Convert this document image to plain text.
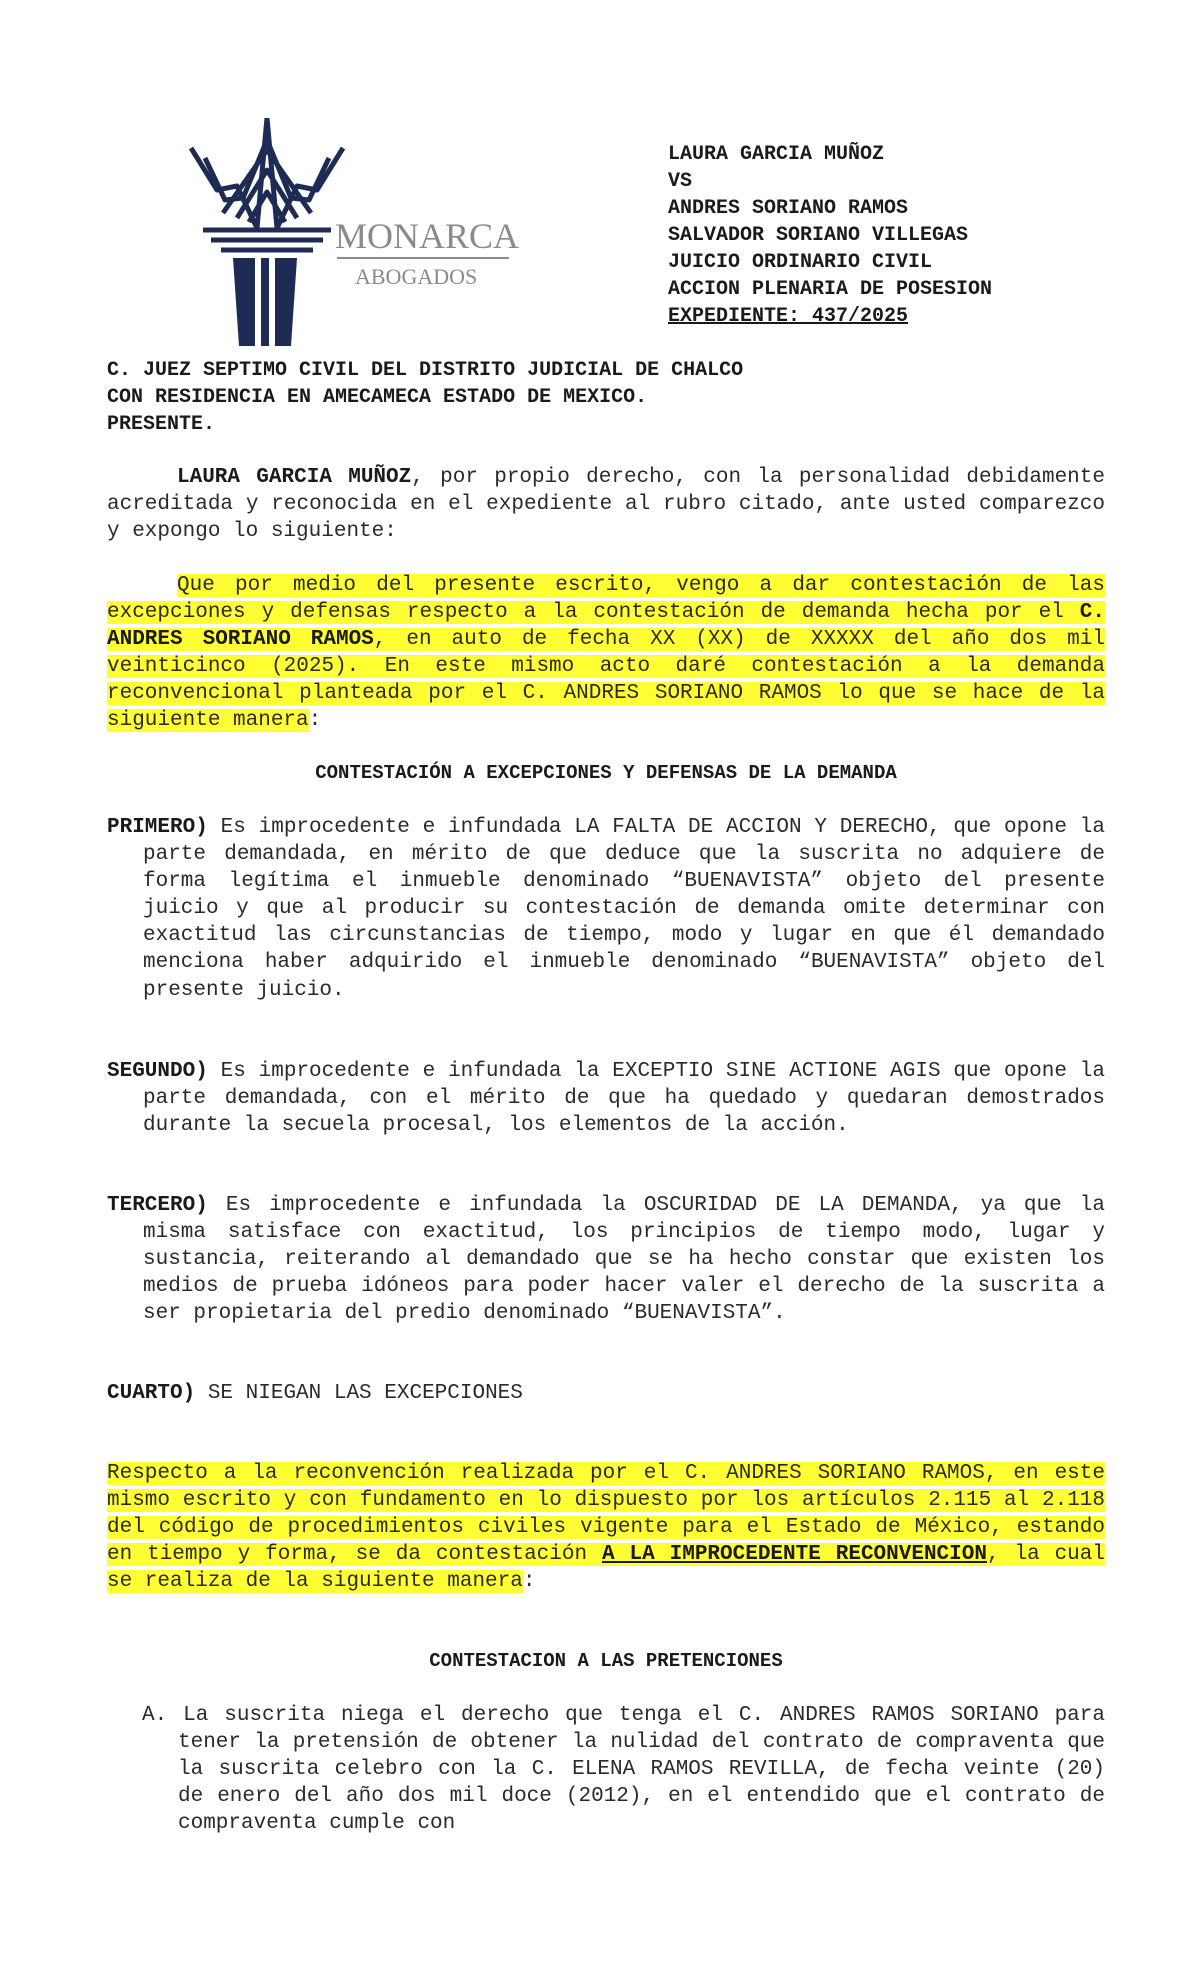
MONARCA
ABOGADOS
LAURA GARCIA MUÑOZ
VS
ANDRES SORIANO RAMOS
SALVADOR SORIANO VILLEGAS
JUICIO ORDINARIO CIVIL
ACCION PLENARIA DE POSESION
EXPEDIENTE: 437/2025
C. JUEZ SEPTIMO CIVIL DEL DISTRITO JUDICIAL DE CHALCO
CON RESIDENCIA EN AMECAMECA ESTADO DE MEXICO.
PRESENTE.
LAURA GARCIA MUÑOZ, por propio derecho, con la personalidad debidamente acreditada y reconocida en el expediente al rubro citado, ante usted comparezco y expongo lo siguiente:
Que por medio del presente escrito, vengo a dar contestación de las excepciones y defensas respecto a la contestación de demanda hecha por el C. ANDRES SORIANO RAMOS, en auto de fecha XX (XX) de XXXXX del año dos mil veinticinco (2025). En este mismo acto daré contestación a la demanda reconvencional planteada por el C. ANDRES SORIANO RAMOS lo que se hace de la siguiente manera:
CONTESTACIÓN A EXCEPCIONES Y DEFENSAS DE LA DEMANDA
PRIMERO) Es improcedente e infundada LA FALTA DE ACCION Y DERECHO, que opone la parte demandada, en mérito de que deduce que la suscrita no adquiere de forma legítima el inmueble denominado “BUENAVISTA” objeto del presente juicio y que al producir su contestación de demanda omite determinar con exactitud las circunstancias de tiempo, modo y lugar en que él demandado menciona haber adquirido el inmueble denominado “BUENAVISTA” objeto del presente juicio.
SEGUNDO) Es improcedente e infundada la EXCEPTIO SINE ACTIONE AGIS que opone la parte demandada, con el mérito de que ha quedado y quedaran demostrados durante la secuela procesal, los elementos de la acción.
TERCERO) Es improcedente e infundada la OSCURIDAD DE LA DEMANDA, ya que la misma satisface con exactitud, los principios de tiempo modo, lugar y sustancia, reiterando al demandado que se ha hecho constar que existen los medios de prueba idóneos para poder hacer valer el derecho de la suscrita a ser propietaria del predio denominado “BUENAVISTA”.
CUARTO) SE NIEGAN LAS EXCEPCIONES
Respecto a la reconvención realizada por el C. ANDRES SORIANO RAMOS, en este mismo escrito y con fundamento en lo dispuesto por los artículos 2.115 al 2.118 del código de procedimientos civiles vigente para el Estado de México, estando en tiempo y forma, se da contestación A LA IMPROCEDENTE RECONVENCION, la cual se realiza de la siguiente manera:
CONTESTACION A LAS PRETENCIONES
A. La suscrita niega el derecho que tenga el C. ANDRES RAMOS SORIANO para tener la pretensión de obtener la nulidad del contrato de compraventa que la suscrita celebro con la C. ELENA RAMOS REVILLA, de fecha veinte (20) de enero del año dos mil doce (2012), en el entendido que el contrato de compraventa cumple con
